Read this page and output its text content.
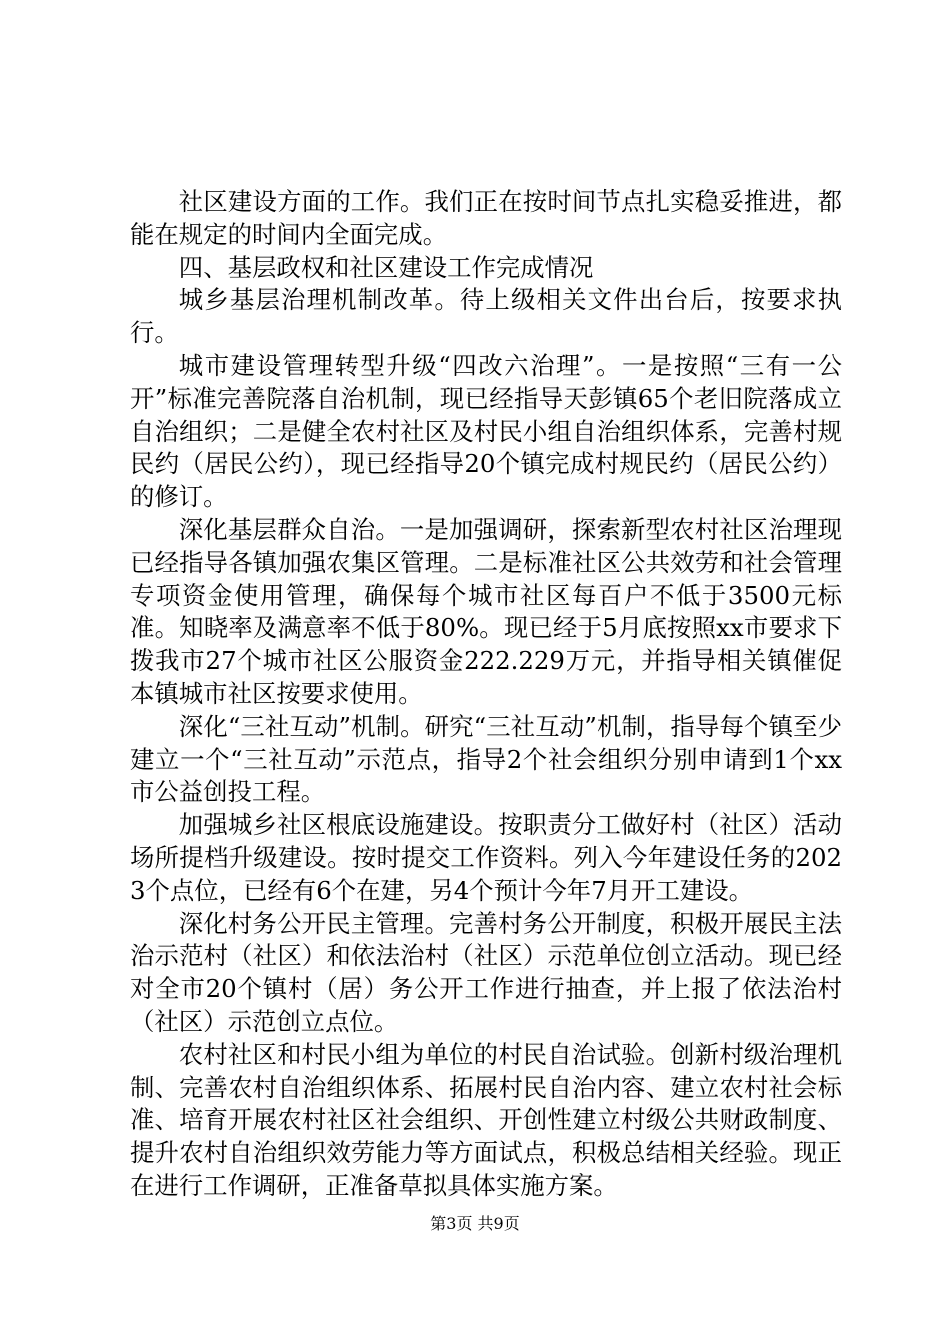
社区建设方面的工作。我们正在按时间节点扎实稳妥推进，都能在规定的时间内全面完成。

四、基层政权和社区建设工作完成情况

城乡基层治理机制改革。待上级相关文件出台后，按要求执行。

城市建设管理转型升级“四改六治理”。一是按照“三有一公开”标准完善院落自治机制，现已经指导天彭镇65个老旧院落成立自治组织；二是健全农村社区及村民小组自治组织体系，完善村规民约（居民公约），现已经指导20个镇完成村规民约（居民公约）的修订。

深化基层群众自治。一是加强调研，探索新型农村社区治理现已经指导各镇加强农集区管理。二是标准社区公共效劳和社会管理专项资金使用管理，确保每个城市社区每百户不低于3500元标准。知晓率及满意率不低于80%。现已经于5月底按照xx市要求下拨我市27个城市社区公服资金222.229万元，并指导相关镇催促本镇城市社区按要求使用。

深化“三社互动”机制。研究“三社互动”机制，指导每个镇至少建立一个“三社互动”示范点，指导2个社会组织分别申请到1个xx市公益创投工程。

加强城乡社区根底设施建设。按职责分工做好村（社区）活动场所提档升级建设。按时提交工作资料。列入今年建设任务的2023个点位，已经有6个在建，另4个预计今年7月开工建设。

深化村务公开民主管理。完善村务公开制度，积极开展民主法治示范村（社区）和依法治村（社区）示范单位创立活动。现已经对全市20个镇村（居）务公开工作进行抽查，并上报了依法治村（社区）示范创立点位。

农村社区和村民小组为单位的村民自治试验。创新村级治理机制、完善农村自治组织体系、拓展村民自治内容、建立农村社会标准、培育开展农村社区社会组织、开创性建立村级公共财政制度、提升农村自治组织效劳能力等方面试点，积极总结相关经验。现正在进行工作调研，正准备草拟具体实施方案。

第3页 共9页
